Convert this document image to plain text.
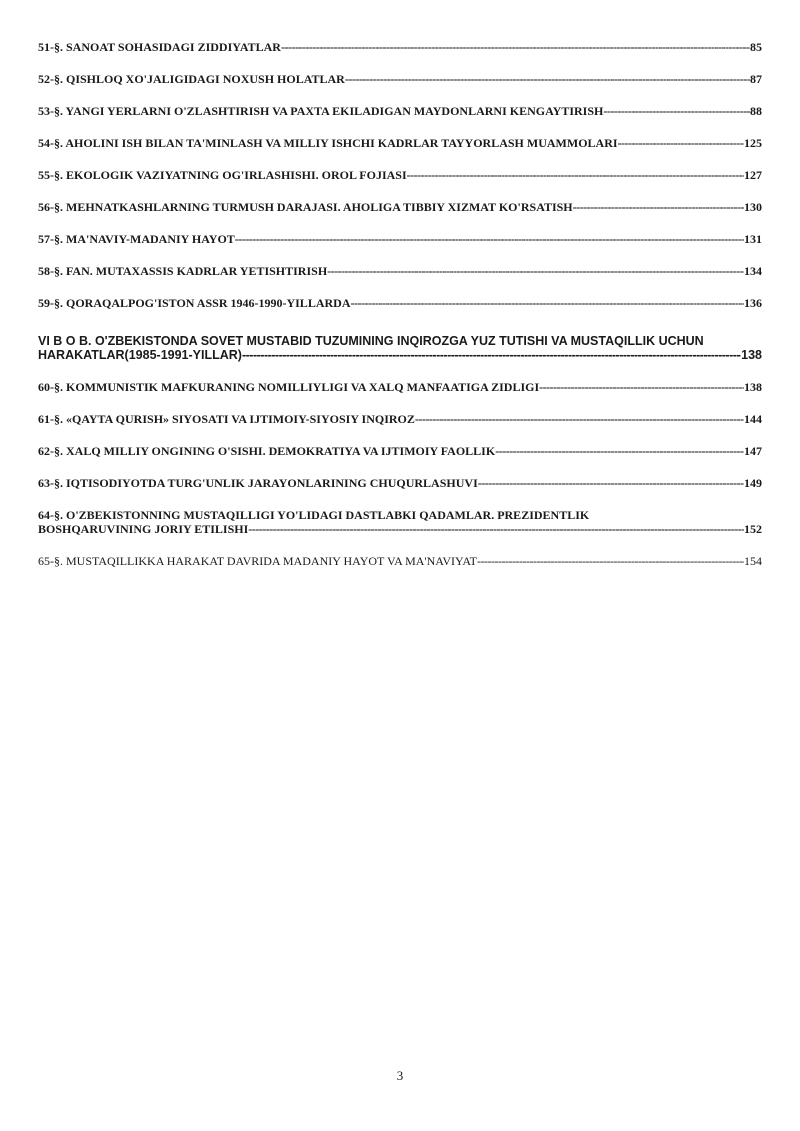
51-§. SANOAT SOHASIDAGI ZIDDIYATLAR -----	85
52-§. QISHLOQ XO'JALIGIDAGI NOXUSH HOLATLAR -----	87
53-§. YANGI YERLARNI O'ZLASHTIRISH VA PAXTA EKILADIGAN MAYDONLARNI KENGAYTIRISH -----	88
54-§. AHOLINI ISH BILAN TA'MINLASH VA MILLIY ISHCHI KADRLAR TAYYORLASH MUAMMOLARI -----	125
55-§. EKOLOGIK VAZIYATNING OG'IRLASHISHI. OROL FOJIASI -----	127
56-§. MEHNATKASHLARNING TURMUSH DARAJASI. AHOLIGA TIBBIY XIZMAT KO'RSATISH -----	130
57-§. MA'NAVIY-MADANIY HAYOT -----	131
58-§. FAN. MUTAXASSIS KADRLAR YETISHTIRISH -----	134
59-§. QORAQALPOG'ISTON ASSR 1946-1990-YILLARDA -----	136
VI B O B. O'ZBEKISTONDA SOVET MUSTABID TUZUMINING INQIROZGA YUZ TUTISHI VA MUSTAQILLIK UCHUN
HARAKATLAR(1985-1991-YILLAR) -----	138
60-§. KOMMUNISTIK MAFKURANING NOMILLIYLIGI VA XALQ MANFAATIGA ZIDLIGI -----	138
61-§. «QAYTA QURISH» SIYOSATI VA IJTIMOIY-SIYOSIY INQIROZ -----	144
62-§. XALQ MILLIY ONGINING O'SISHI. DEMOKRATIYA VA IJTIMOIY FAOLLIK -----	147
63-§. IQTISODIYOTDA TURG'UNLIK JARAYONLARINING CHUQURLASHUVI -----	149
64-§. O'ZBEKISTONNING MUSTAQILLIGI YO'LIDAGI DASTLABKI QADAMLAR. PREZIDENTLIK
BOSHQARUVINING JORIY ETILISHI -----	152
65-§. MUSTAQILLIKKA HARAKAT DAVRIDA MADANIY HAYOT VA MA'NAVIYAT -----	154
3
